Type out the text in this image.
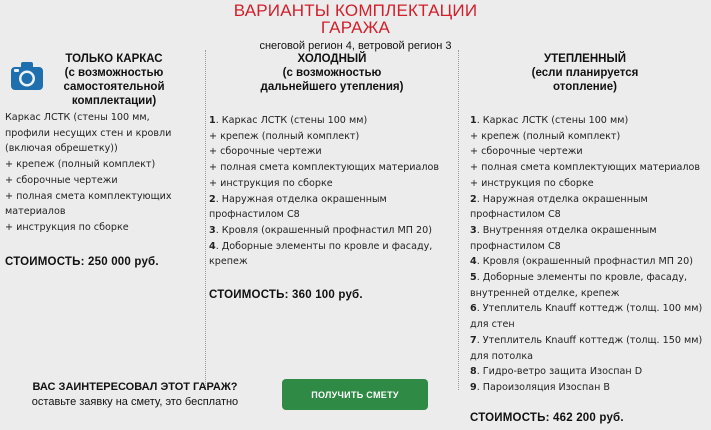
ВАРИАНТЫ КОМПЛЕКТАЦИИ
ГАРАЖА
снеговой регион 4, ветровой регион 3
ТОЛЬКО КАРКАС
(с возможностью
самостоятельной
комплектации)
Каркас ЛСТК (стены 100 мм,
профили несущих стен и кровли
(включая обрешетку))
+ крепеж (полный комплект)
+ сборочные чертежи
+ полная смета комплектующих
материалов
+ инструкция по сборке
СТОИМОСТЬ: 250 000 руб.
ХОЛОДНЫЙ
(с возможностью
дальнейшего утепления)
1. Каркас ЛСТК (стены 100 мм)
+ крепеж (полный комплект)
+ сборочные чертежи
+ полная смета комплектующих материалов
+ инструкция по сборке
2. Наружная отделка окрашенным
профнастилом С8
3. Кровля (окрашенный профнастил МП 20)
4. Доборные элементы по кровле и фасаду,
крепеж
СТОИМОСТЬ: 360 100 руб.
УТЕПЛЕННЫЙ
(если планируется
отопление)
1. Каркас ЛСТК (стены 100 мм)
+ крепеж (полный комплект)
+ сборочные чертежи
+ полная смета комплектующих материалов
+ инструкция по сборке
2. Наружная отделка окрашенным
профнастилом С8
3. Внутренняя отделка окрашенным
профнастилом С8
4. Кровля (окрашенный профнастил МП 20)
5. Доборные элементы по кровле, фасаду,
внутренней отделке, крепеж
6. Утеплитель Knauff коттедж (толщ. 100 мм)
для стен
7. Утеплитель Knauff коттедж (толщ. 150 мм)
для потолка
8. Гидро-ветро защита Изоспан D
9. Пароизоляция Изоспан В
СТОИМОСТЬ: 462 200 руб.
ВАС ЗАИНТЕРЕСОВАЛ ЭТОТ ГАРАЖ?
оставьте заявку на смету, это бесплатно
ПОЛУЧИТЬ СМЕТУ
